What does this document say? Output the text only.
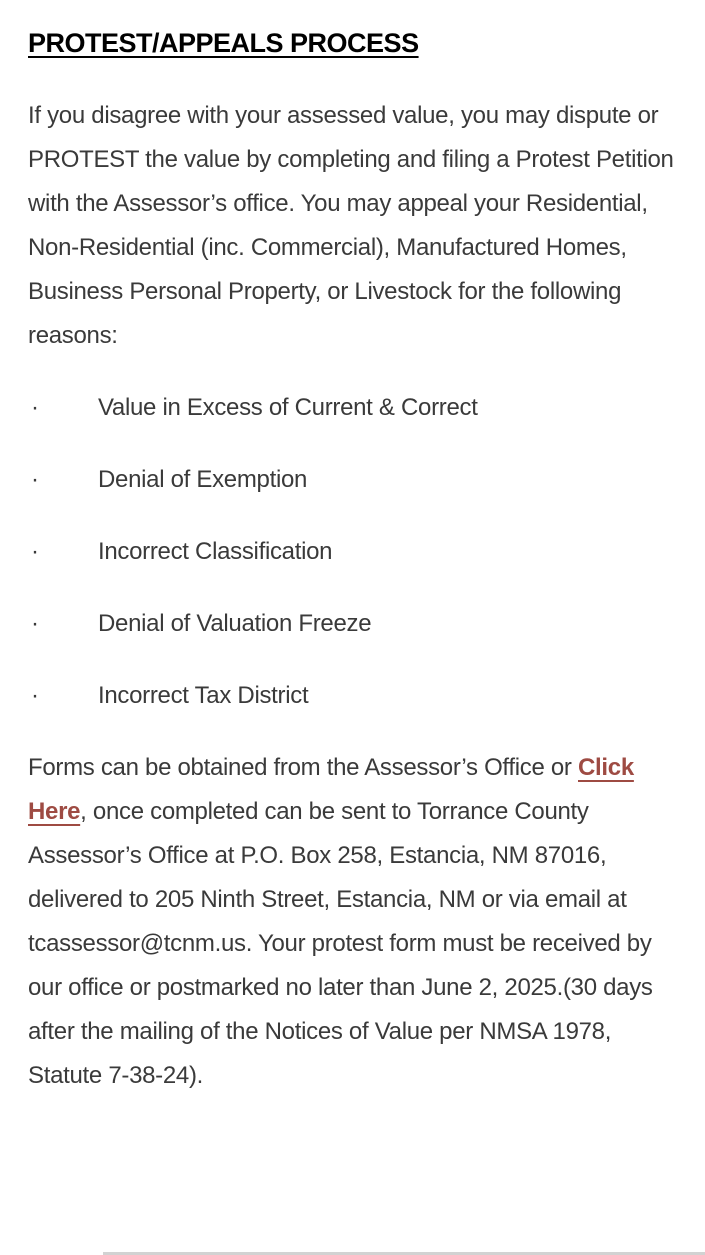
PROTEST/APPEALS PROCESS

If you disagree with your assessed value, you may dispute or PROTEST the value by completing and filing a Protest Petition with the Assessor’s office. You may appeal your Residential, Non-Residential (inc. Commercial), Manufactured Homes, Business Personal Property, or Livestock for the following reasons:

·	Value in Excess of Current & Correct
·	Denial of Exemption
·	Incorrect Classification
·	Denial of Valuation Freeze
·	Incorrect Tax District

Forms can be obtained from the Assessor’s Office or Click Here, once completed can be sent to Torrance County Assessor’s Office at P.O. Box 258, Estancia, NM 87016, delivered to 205 Ninth Street, Estancia, NM or via email at tcassessor@tcnm.us. Your protest form must be received by our office or postmarked no later than June 2, 2025.(30 days after the mailing of the Notices of Value per NMSA 1978, Statute 7-38-24).
